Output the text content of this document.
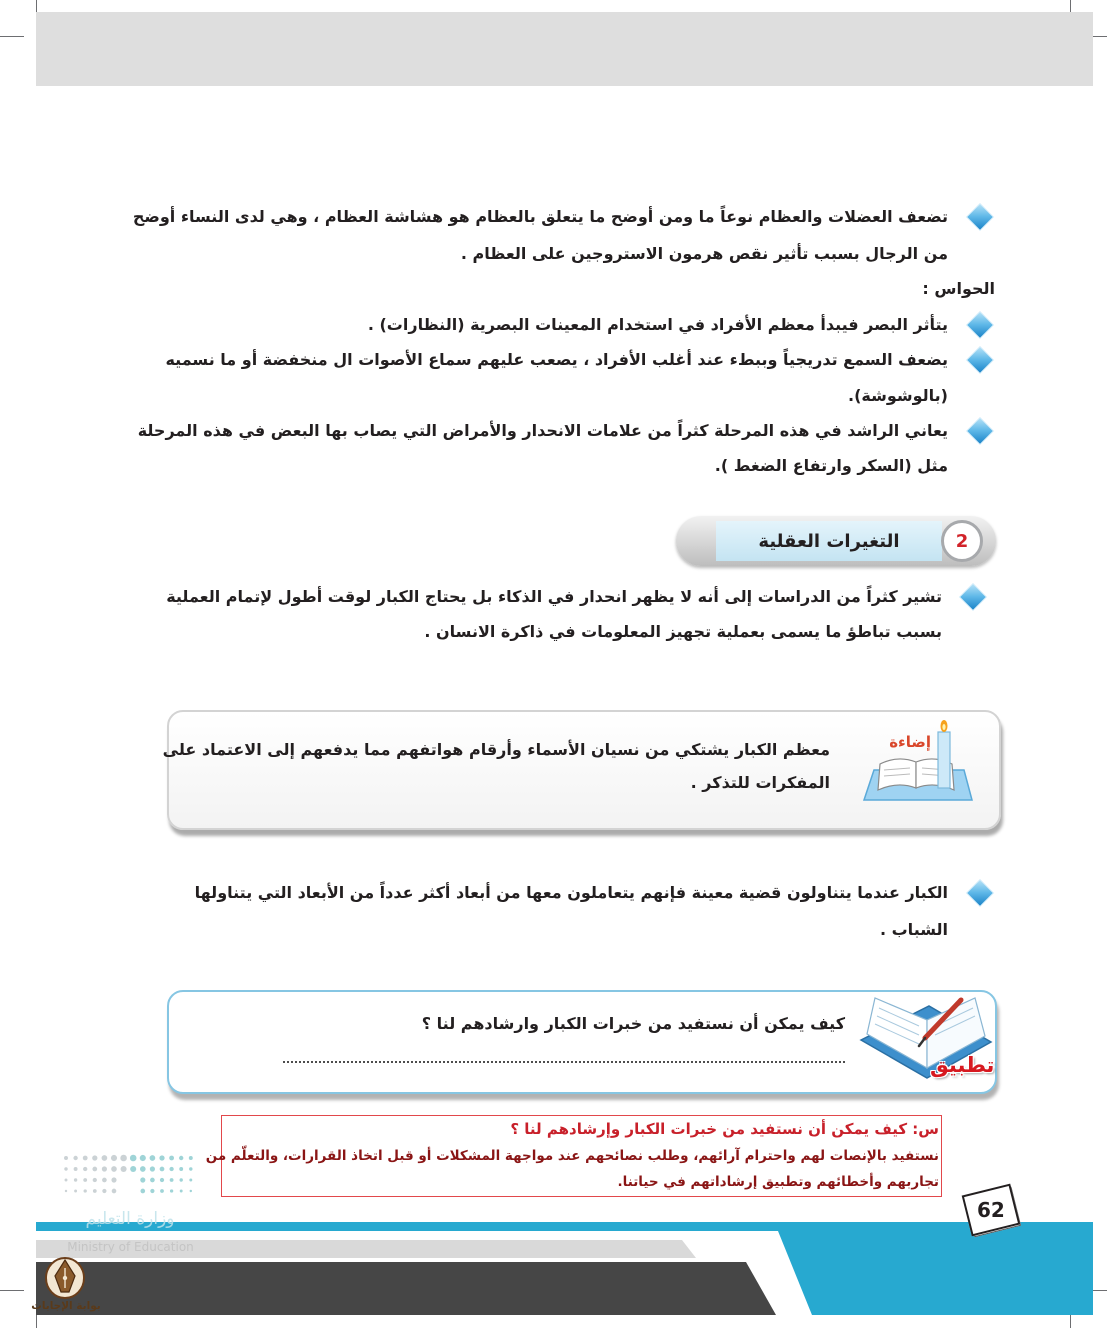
تضعف العضلات والعظام نوعاً ما ومن أوضح ما يتعلق بالعظام هو هشاشة العظام ، وهي لدى النساء أوضح
من الرجال بسبب تأثير نقص هرمون الاستروجين على العظام .
الحواس :
يتأثر البصر فيبدأ معظم الأفراد في استخدام المعينات البصرية (النظارات) .
يضعف السمع تدريجياً وببطء عند أغلب الأفراد ، يصعب عليهم سماع الأصوات ال منخفضة أو ما نسميه
(بالوشوشة).
يعاني الراشد في هذه المرحلة كثراً من علامات الانحدار والأمراض التي يصاب بها البعض في هذه المرحلة
مثل (السكر وارتفاع الضغط ).
التغيرات العقلية	2
تشير كثراً من الدراسات إلى أنه لا يظهر انحدار في الذكاء بل يحتاج الكبار لوقت أطول لإتمام العملية
بسبب تباطؤ ما يسمى بعملية تجهيز المعلومات في ذاكرة الانسان .
إضاءة
معظم الكبار يشتكي من نسيان الأسماء وأرقام هواتفهم مما يدفعهم إلى الاعتماد على
المفكرات للتذكر .
الكبار عندما يتناولون قضية معينة فإنهم يتعاملون معها من أبعاد أكثر عدداً من الأبعاد التي يتناولها
الشباب .
تطبيق
كيف يمكن أن نستفيد من خبرات الكبار وارشادهم لنا ؟
س: كيف يمكن أن نستفيد من خبرات الكبار وإرشادهم لنا ؟
نستفيد بالإنصات لهم واحترام آرائهم، وطلب نصائحهم عند مواجهة المشكلات أو قبل اتخاذ القرارات، والتعلّم من
تجاربهم وأخطائهم وتطبيق إرشاداتهم في حياتنا.
وزارة التعليم
Ministry of Education
62
بوابة الإجابات
